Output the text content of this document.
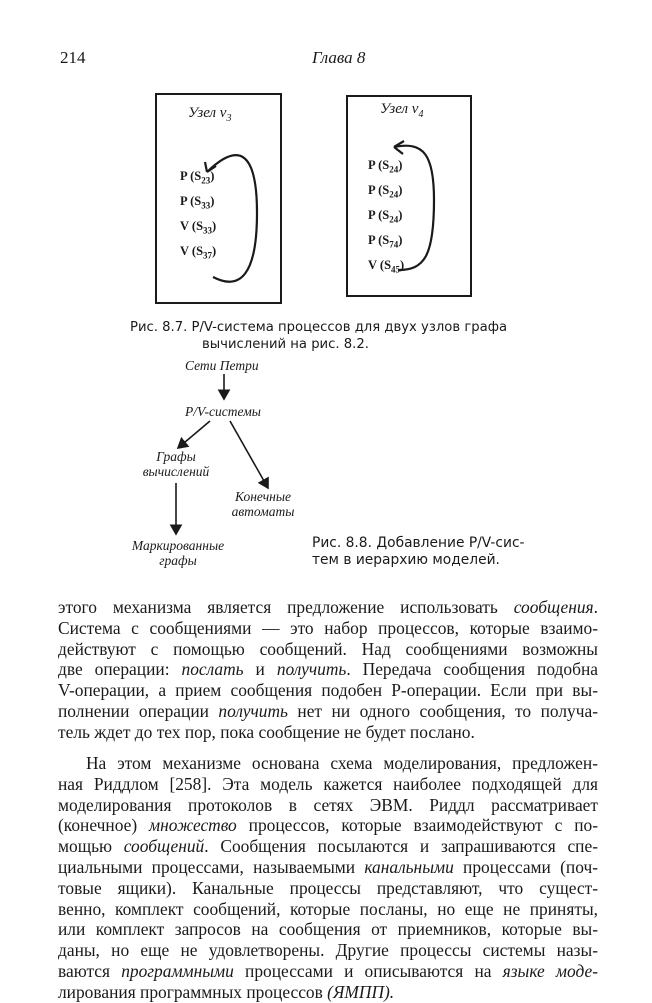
214	Глава 8
Узел $\nu_3$
P $(S_{23})$
P $(S_{33})$
V $(S_{33})$
V $(S_{37})$
Узел $\nu_4$
P $(S_{24})$
P $(S_{24})$
P $(S_{24})$
P $(S_{74})$
V $(S_{45})$
Рис. 8.7. P/V-система процессов для двух узлов графа
вычислений на рис. 8.2.
Сети Петри
P/V-системы
Графы
вычислений
Конечные
автоматы
Маркированные
графы
Рис. 8.8. Добавление P/V-сис-
тем в иерархию моделей.
этого механизма является предложение использовать сообщения.
Система с сообщениями — это набор процессов, которые взаимо-
действуют с помощью сообщений. Над сообщениями возможны
две операции: послать и получить. Передача сообщения подобна
V-операции, а прием сообщения подобен P-операции. Если при вы-
полнении операции получить нет ни одного сообщения, то получа-
тель ждет до тех пор, пока сообщение не будет послано.
На этом механизме основана схема моделирования, предложен-
ная Риддлом [258]. Эта модель кажется наиболее подходящей для
моделирования протоколов в сетях ЭВМ. Риддл рассматривает
(конечное) множество процессов, которые взаимодействуют с по-
мощью сообщений. Сообщения посылаются и запрашиваются спе-
циальными процессами, называемыми канальными процессами (поч-
товые ящики). Канальные процессы представляют, что сущест-
венно, комплект сообщений, которые посланы, но еще не приняты,
или комплект запросов на сообщения от приемников, которые вы-
даны, но еще не удовлетворены. Другие процессы системы назы-
ваются программными процессами и описываются на языке моде-
лирования программных процессов (ЯМПП).
